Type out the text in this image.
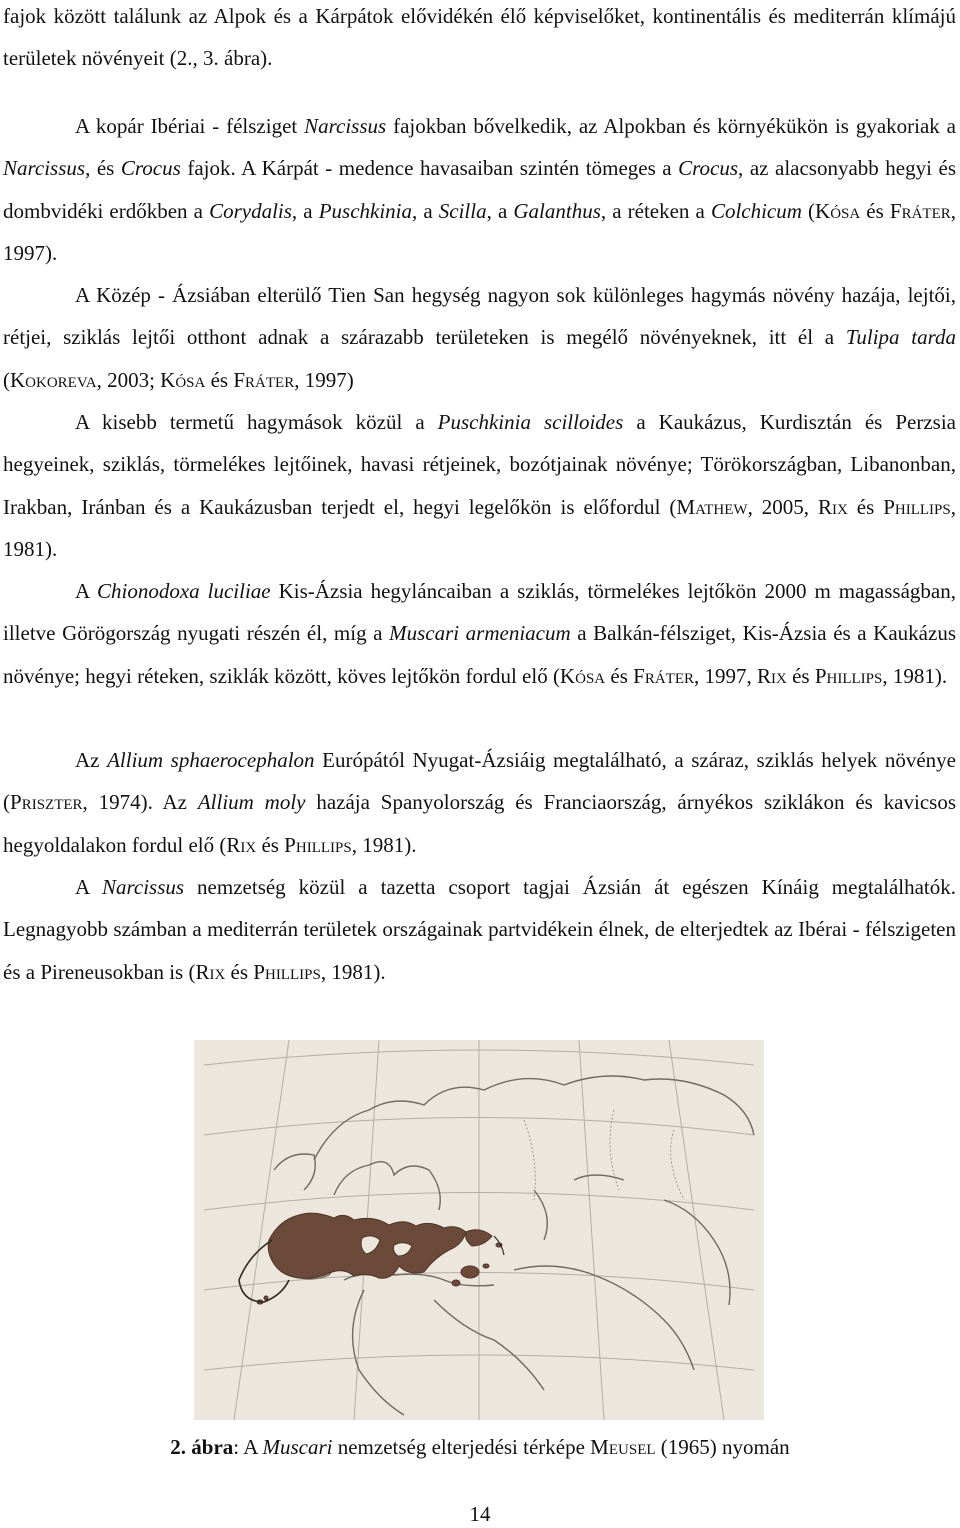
fajok között találunk az Alpok és a Kárpátok elővidékén élő képviselőket, kontinentális és mediterrán klímájú területek növényeit (2., 3. ábra).
A kopár Ibériai - félsziget Narcissus fajokban bővelkedik, az Alpokban és környékükön is gyakoriak a Narcissus, és Crocus fajok. A Kárpát - medence havasaiban szintén tömeges a Crocus, az alacsonyabb hegyi és dombvidéki erdőkben a Corydalis, a Puschkinia, a Scilla, a Galanthus, a réteken a Colchicum (Kósa és Fráter, 1997).
A Közép - Ázsiában elterülő Tien San hegység nagyon sok különleges hagymás növény hazája, lejtői, rétjei, sziklás lejtői otthont adnak a szárazabb területeken is megélő növényeknek, itt él a Tulipa tarda (Kokoreva, 2003; Kósa és Fráter, 1997)
A kisebb termetű hagymások közül a Puschkinia scilloides a Kaukázus, Kurdisztán és Perzsia hegyeinek, sziklás, törmelékes lejtőinek, havasi rétjeinek, bozótjainak növénye; Törökországban, Libanonban, Irakban, Iránban és a Kaukázusban terjedt el, hegyi legelőkön is előfordul (Mathew, 2005, Rix és Phillips, 1981).
A Chionodoxa luciliae Kis-Ázsia hegyláncaiban a sziklás, törmelékes lejtőkön 2000 m magasságban, illetve Görögország nyugati részén él, míg a Muscari armeniacum a Balkán-félsziget, Kis-Ázsia és a Kaukázus növénye; hegyi réteken, sziklák között, köves lejtőkön fordul elő (Kósa és Fráter, 1997, Rix és Phillips, 1981).
Az Allium sphaerocephalon Európától Nyugat-Ázsiáig megtalálható, a száraz, sziklás helyek növénye (Priszter, 1974). Az Allium moly hazája Spanyolország és Franciaország, árnyékos sziklákon és kavicsos hegyoldalakon fordul elő (Rix és Phillips, 1981).
A Narcissus nemzetség közül a tazetta csoport tagjai Ázsián át egészen Kínáig megtalálhatók. Legnagyobb számban a mediterrán területek országainak partvidékein élnek, de elterjedtek az Ibérai - félszigeten és a Pireneusokban is (Rix és Phillips, 1981).
2. ábra: A Muscari nemzetség elterjedési térképe Meusel (1965) nyomán
14
